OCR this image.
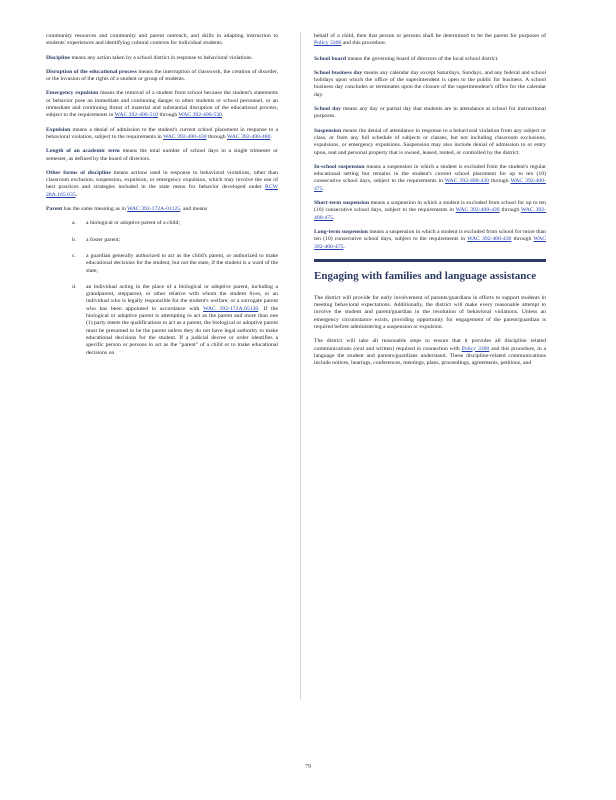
community resources and community and parent outreach, and skills in adapting instruction to students' experiences and identifying cultural contexts for individual students.

Discipline means any action taken by a school district in response to behavioral violations.

Disruption of the educational process means the interruption of classwork, the creation of disorder, or the invasion of the rights of a student or group of students.

Emergency expulsion means the removal of a student from school because the student's statements or behavior pose an immediate and continuing danger to other students or school personnel, or an immediate and continuing threat of material and substantial disruption of the educational process, subject to the requirements in WAC 392-400-510 through WAC 392-400-530.

Expulsion means a denial of admission to the student's current school placement in response to a behavioral violation, subject to the requirements in WAC 392-400-430 through WAC 392-400-480.

Length of an academic term means the total number of school days in a single trimester or semester, as defined by the board of directors.

Other forms of discipline means actions used in response to behavioral violations, other than classroom exclusion, suspension, expulsion, or emergency expulsion, which may involve the use of best practices and strategies included in the state menu for behavior developed under RCW 28A.165.035.

Parent has the same meaning as in WAC 392-172A-01125, and means

a. a biological or adoptive parent of a child;
b. a foster parent;
c. a guardian generally authorized to act as the child's parent, or authorized to make educational decisions for the student, but not the state, if the student is a ward of the state;
d. an individual acting in the place of a biological or adoptive parent, including a grandparent, stepparent, or other relative with whom the student lives, or an individual who is legally responsible for the student's welfare; or a surrogate parent who has been appointed in accordance with WAC 392-172A.05130. If the biological or adoptive parent is attempting to act as the parent and more than one (1) party meets the qualifications to act as a parent, the biological or adoptive parent must be presumed to be the parent unless they do not have legal authority to make educational decisions for the student. If a judicial decree or order identifies a specific person or persons to act as the "parent" of a child or to make educational decisions on

behalf of a child, then that person or persons shall be determined to be the parent for purposes of Policy 3300 and this procedure.

School board means the governing board of directors of the local school district.

School business day means any calendar day except Saturdays, Sundays, and any federal and school holidays upon which the office of the superintendent is open to the public for business. A school business day concludes or terminates upon the closure of the superintendent's office for the calendar day.

School day means any day or partial day that students are in attendance at school for instructional purposes.

Suspension means the denial of attendance in response to a behavioral violation from any subject or class, or from any full schedule of subjects or classes, but not including classroom exclusions, expulsions, or emergency expulsions. Suspension may also include denial of admission to or entry upon, real and personal property that is owned, leased, rented, or controlled by the district.

In-school suspension means a suspension in which a student is excluded from the student's regular educational setting but remains in the student's current school placement for up to ten (10) consecutive school days, subject to the requirements in WAC 392-400-430 through WAC 392-400-475.

Short-term suspension means a suspension in which a student is excluded from school for up to ten (10) consecutive school days, subject to the requirements in WAC 392-400-430 through WAC 392-400-475.

Long-term suspension means a suspension in which a student is excluded from school for more than ten (10) consecutive school days, subject to the requirements in WAC 392-400-430 through WAC 392-400-475.

Engaging with families and language assistance

The district will provide for early involvement of parents/guardians in efforts to support students in meeting behavioral expectations. Additionally, the district will make every reasonable attempt to involve the student and parent/guardian in the resolution of behavioral violations. Unless an emergency circumstance exists, providing opportunity for engagement of the parent/guardian is required before administering a suspension or expulsion.

The district will take all reasonable steps to ensure that it provides all discipline related communications (oral and written) required in connection with Policy 3300 and this procedure, in a language the student and parents/guardians understand. These discipline-related communications include notices, hearings, conferences, meetings, plans, proceedings, agreements, petitions, and

79
